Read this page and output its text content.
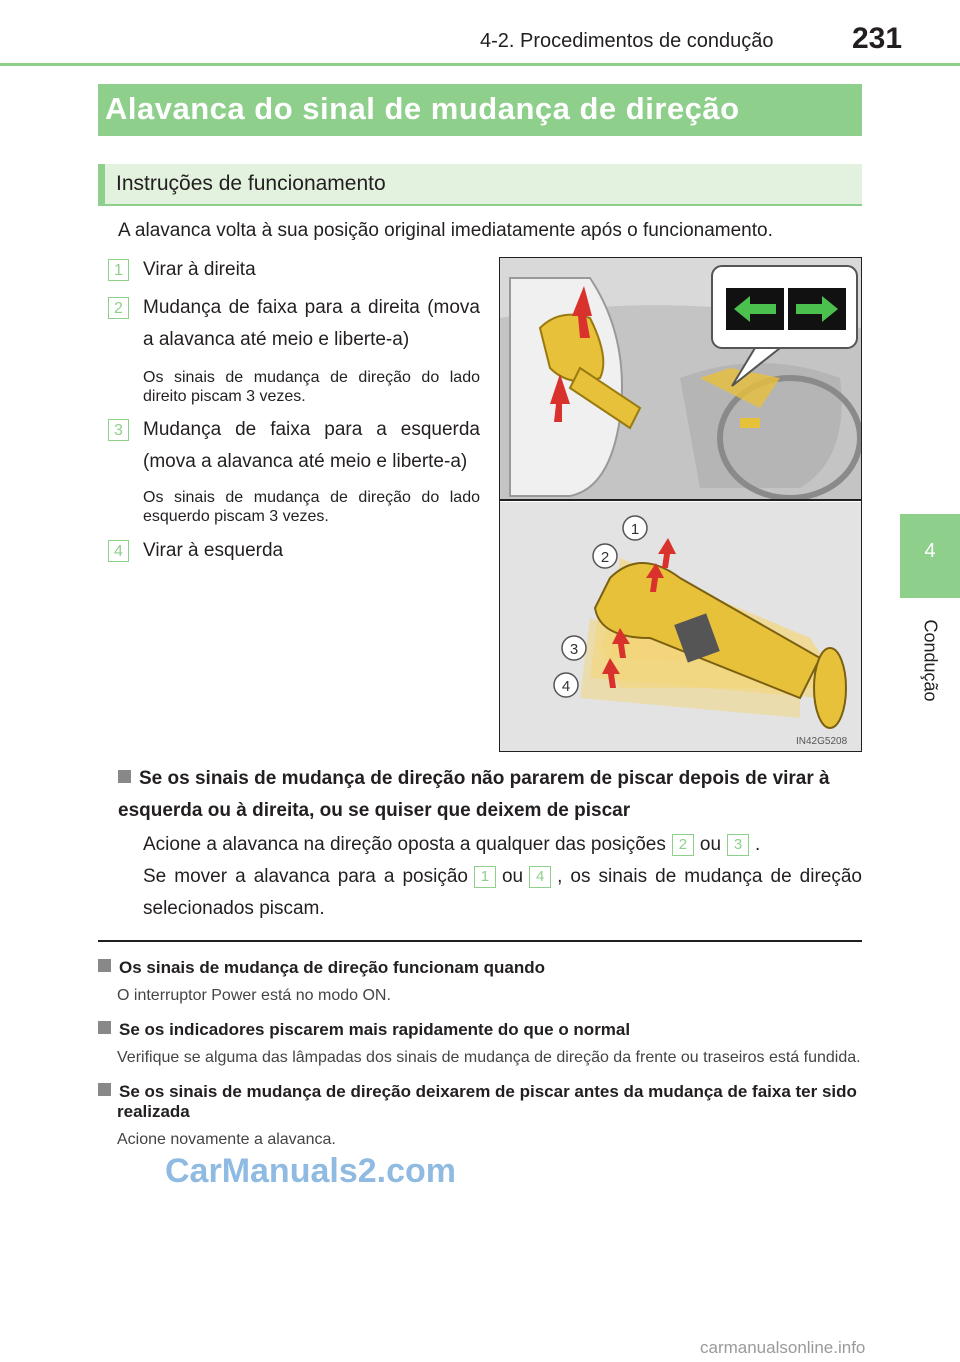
4-2. Procedimentos de condução	231
4
Condução
Alavanca do sinal de mudança de direção
Instruções de funcionamento
A alavanca volta à sua posição original imediatamente após o funcionamento.
1	Virar à direita
2	Mudança de faixa para a direita (mova a alavanca até meio e liberte-a)
Os sinais de mudança de direção do lado direito piscam 3 vezes.
3	Mudança de faixa para a esquerda (mova a alavanca até meio e liberte-a)
Os sinais de mudança de direção do lado esquerdo piscam 3 vezes.
4	Virar à esquerda
1
2
3
4
IN42G5208
Se os sinais de mudança de direção não pararem de piscar depois de virar à esquerda ou à direita, ou se quiser que deixem de piscar
Acione a alavanca na direção oposta a qualquer das posições 2 ou 3 .
Se mover a alavanca para a posição 1 ou 4 , os sinais de mudança de direção selecionados piscam.
Os sinais de mudança de direção funcionam quando
O interruptor Power está no modo ON.
Se os indicadores piscarem mais rapidamente do que o normal
Verifique se alguma das lâmpadas dos sinais de mudança de direção da frente ou traseiros está fundida.
Se os sinais de mudança de direção deixarem de piscar antes da mudança de faixa ter sido realizada
Acione novamente a alavanca.
CarManuals2.com
carmanualsonline.info
